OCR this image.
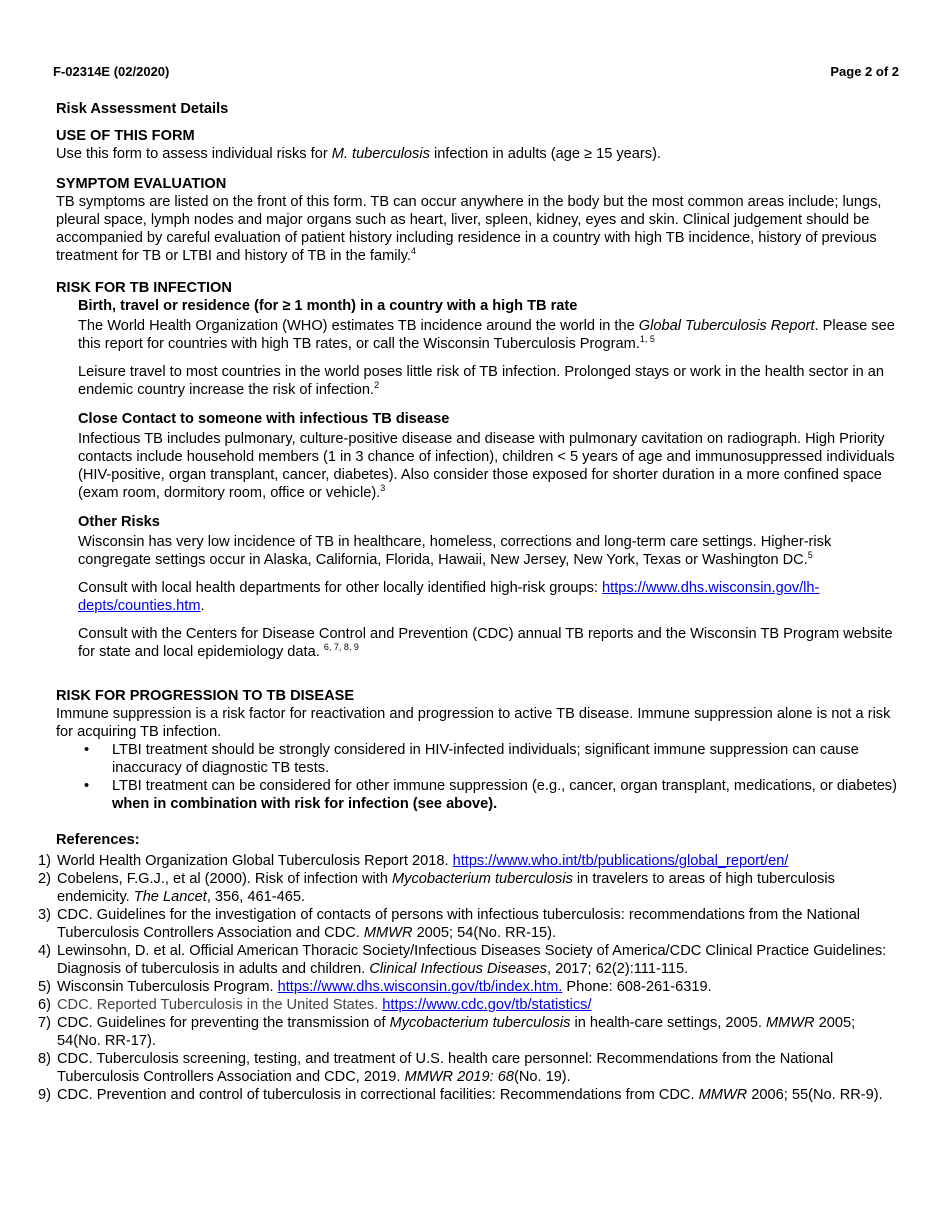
F-02314E (02/2020)	Page 2 of 2
Risk Assessment Details
USE OF THIS FORM

Use this form to assess individual risks for M. tuberculosis infection in adults (age ≥ 15 years).

SYMPTOM EVALUATION

TB symptoms are listed on the front of this form. TB can occur anywhere in the body but the most common areas include; lungs, pleural space, lymph nodes and major organs such as heart, liver, spleen, kidney, eyes and skin. Clinical judgement should be accompanied by careful evaluation of patient history including residence in a country with high TB incidence, history of previous treatment for TB or LTBI and history of TB in the family.$^4$

RISK FOR TB INFECTION
Birth, travel or residence (for ≥ 1 month) in a country with a high TB rate

The World Health Organization (WHO) estimates TB incidence around the world in the Global Tuberculosis Report. Please see this report for countries with high TB rates, or call the Wisconsin Tuberculosis Program.$^{1, 5}$

Leisure travel to most countries in the world poses little risk of TB infection. Prolonged stays or work in the health sector in an endemic country increase the risk of infection.$^2$

Close Contact to someone with infectious TB disease

Infectious TB includes pulmonary, culture-positive disease and disease with pulmonary cavitation on radiograph. High Priority contacts include household members (1 in 3 chance of infection), children < 5 years of age and immunosuppressed individuals (HIV-positive, organ transplant, cancer, diabetes). Also consider those exposed for shorter duration in a more confined space (exam room, dormitory room, office or vehicle).$^3$

Other Risks

Wisconsin has very low incidence of TB in healthcare, homeless, corrections and long-term care settings. Higher-risk congregate settings occur in Alaska, California, Florida, Hawaii, New Jersey, New York, Texas or Washington DC.$^5$

Consult with local health departments for other locally identified high-risk groups: https://www.dhs.wisconsin.gov/lh-depts/counties.htm.

Consult with the Centers for Disease Control and Prevention (CDC) annual TB reports and the Wisconsin TB Program website for state and local epidemiology data. $^{6, 7, 8, 9}$

RISK FOR PROGRESSION TO TB DISEASE

Immune suppression is a risk factor for reactivation and progression to active TB disease. Immune suppression alone is not a risk for acquiring TB infection.

• LTBI treatment should be strongly considered in HIV-infected individuals; significant immune suppression can cause inaccuracy of diagnostic TB tests.
• LTBI treatment can be considered for other immune suppression (e.g., cancer, organ transplant, medications, or diabetes) when in combination with risk for infection (see above).
References:
1) World Health Organization Global Tuberculosis Report 2018. https://www.who.int/tb/publications/global_report/en/
2) Cobelens, F.G.J., et al (2000). Risk of infection with Mycobacterium tuberculosis in travelers to areas of high tuberculosis endemicity. The Lancet, 356, 461-465.
3) CDC. Guidelines for the investigation of contacts of persons with infectious tuberculosis: recommendations from the National Tuberculosis Controllers Association and CDC. MMWR 2005; 54(No. RR-15).
4) Lewinsohn, D. et al. Official American Thoracic Society/Infectious Diseases Society of America/CDC Clinical Practice Guidelines: Diagnosis of tuberculosis in adults and children. Clinical Infectious Diseases, 2017; 62(2):111-115.
5) Wisconsin Tuberculosis Program. https://www.dhs.wisconsin.gov/tb/index.htm. Phone: 608-261-6319.
6) CDC. Reported Tuberculosis in the United States. https://www.cdc.gov/tb/statistics/
7) CDC. Guidelines for preventing the transmission of Mycobacterium tuberculosis in health-care settings, 2005. MMWR 2005; 54(No. RR-17).
8) CDC. Tuberculosis screening, testing, and treatment of U.S. health care personnel: Recommendations from the National Tuberculosis Controllers Association and CDC, 2019. MMWR 2019: 68(No. 19).
9) CDC. Prevention and control of tuberculosis in correctional facilities: Recommendations from CDC. MMWR 2006; 55(No. RR-9).
